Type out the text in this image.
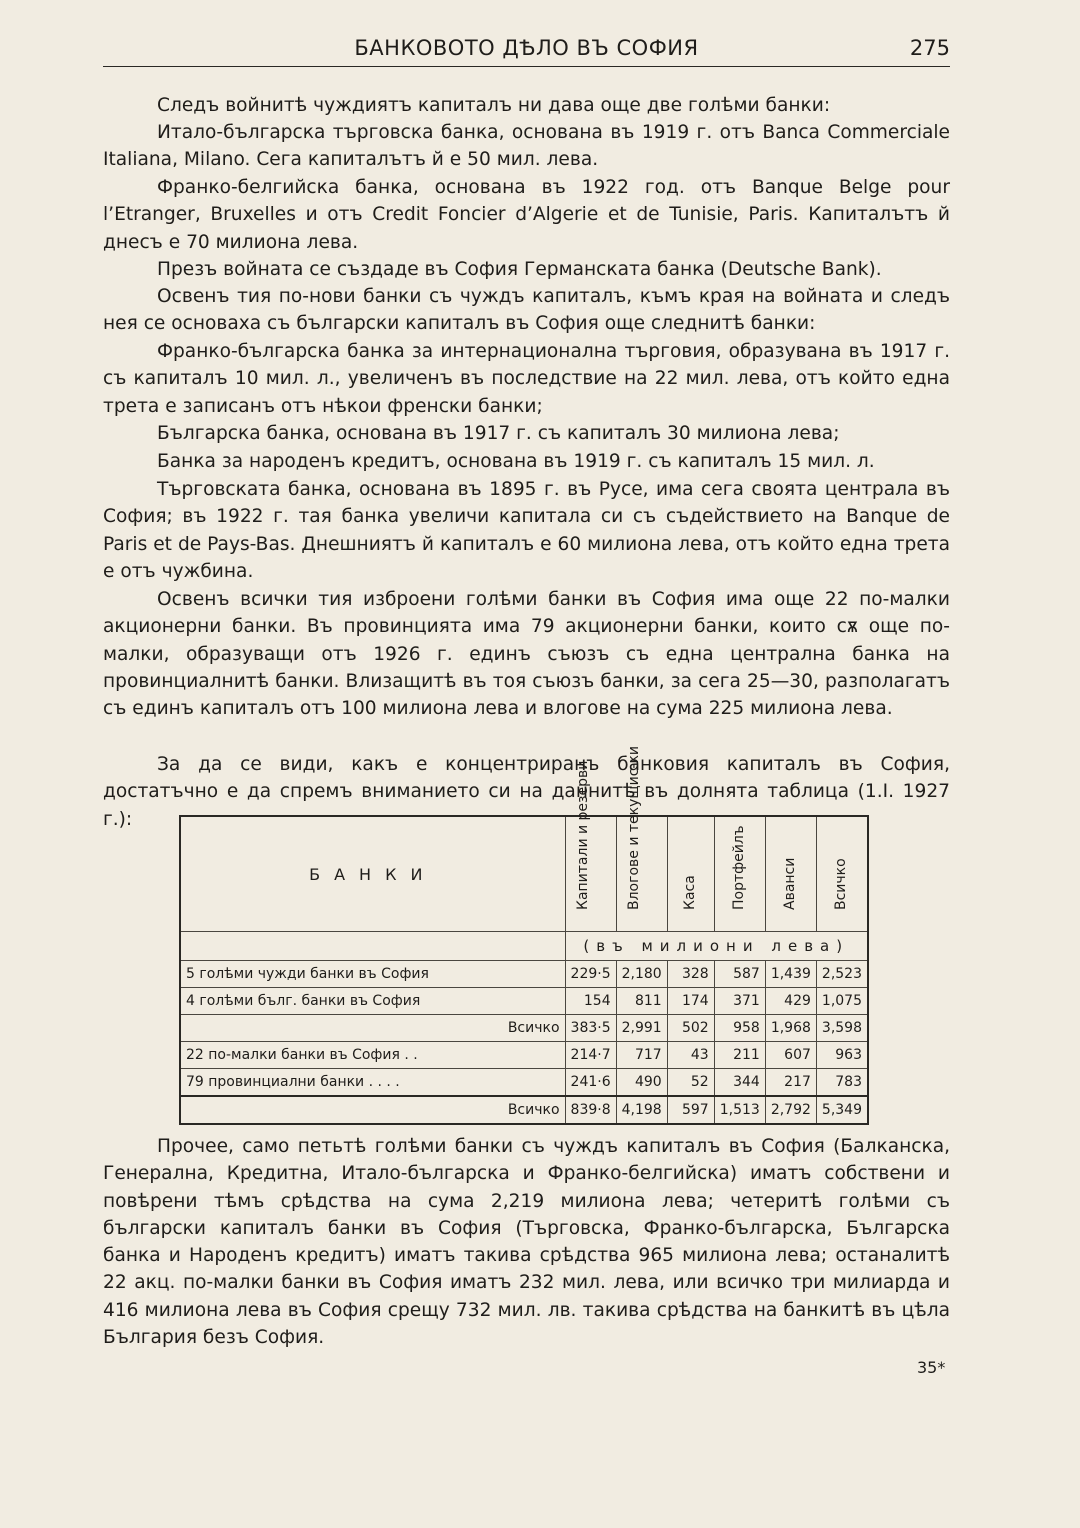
БАНКОВОТО ДѢЛО ВЪ СОФИЯ	275

Следъ войнитѣ чуждиятъ капиталъ ни дава още две голѣми банки:

Итало-българска търговска банка, основана въ 1919 г. отъ Banca Commerciale Italiana, Milano. Сега капиталътъ й е 50 мил. лева.

Франко-белгийска банка, основана въ 1922 год. отъ Banque Belge pour l’Etranger, Bruxelles и отъ Credit Foncier d’Algerie et de Tunisie, Paris. Капиталътъ й днесъ е 70 милиона лева.

Презъ войната се създаде въ София Германската банка (Deutsche Bank).

Освенъ тия по-нови банки съ чуждъ капиталъ, къмъ края на войната и следъ нея се основаха съ български капиталъ въ София още следнитѣ банки:

Франко-българска банка за интернационална търговия, образувана въ 1917 г. съ капиталъ 10 мил. л., увеличенъ въ последствие на 22 мил. лева, отъ който една трета е записанъ отъ нѣкои френски банки;

Българска банка, основана въ 1917 г. съ капиталъ 30 милиона лева;

Банка за народенъ кредитъ, основана въ 1919 г. съ капиталъ 15 мил. л.

Търговската банка, основана въ 1895 г. въ Русе, има сега своята централа въ София; въ 1922 г. тая банка увеличи капитала си съ съдействието на Banque de Paris et de Pays-Bas. Днешниятъ й капиталъ е 60 милиона лева, отъ който една трета е отъ чужбина.

Освенъ всички тия изброени голѣми банки въ София има още 22 по-малки акционерни банки. Въ провинцията има 79 акционерни банки, които сѫ още по-малки, образуващи отъ 1926 г. единъ съюзъ съ една централна банка на провинциалнитѣ банки. Влизащитѣ въ тоя съюзъ банки, за сега 25—30, разполагатъ съ единъ капиталъ отъ 100 милиона лева и влогове на сума 225 милиона лева.

За да се види, какъ е концентриранъ банковия капиталъ въ София, достатъчно е да спремъ вниманието си на даннитѣ въ долнята таблица (1.I. 1927 г.):

БАНКИ	Капитали и резерви	Влогове и текущис-ки	Каса	Портфейлъ	Аванси	Всичко

	(въ милиони лева)					
5 голѣми чужди банки въ София	229·5	2,180	328	587	1,439	2,523
4 голѣми бълг. банки въ София	154	811	174	371	429	1,075
Всичко	383·5	2,991	502	958	1,968	3,598
22 по-малки банки въ София . .	214·7	717	43	211	607	963
79 провинциални банки . . . .	241·6	490	52	344	217	783
Всичко	839·8	4,198	597	1,513	2,792	5,349

Прочее, само петьтѣ голѣми банки съ чуждъ капиталъ въ София (Балканска, Генерална, Кредитна, Итало-българска и Франко-белгийска) иматъ собствени и повѣрени тѣмъ срѣдства на сума 2,219 милиона лева; четеритѣ голѣми съ български капиталъ банки въ София (Търговска, Франко-българска, Българска банка и Народенъ кредитъ) иматъ такива срѣдства 965 милиона лева; останалитѣ 22 акц. по-малки банки въ София иматъ 232 мил. лева, или всичко три милиарда и 416 милиона лева въ София срещу 732 мил. лв. такива срѣдства на банкитѣ въ цѣла България безъ София.

35*
